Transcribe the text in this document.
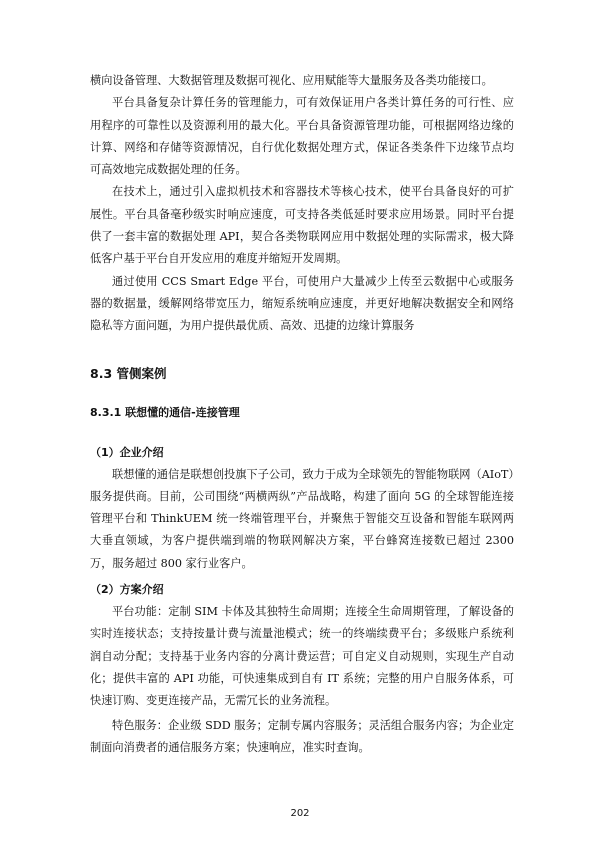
横向设备管理、大数据管理及数据可视化、应用赋能等大量服务及各类功能接口。

平台具备复杂计算任务的管理能力，可有效保证用户各类计算任务的可行性、应用程序的可靠性以及资源利用的最大化。平台具备资源管理功能，可根据网络边缘的计算、网络和存储等资源情况，自行优化数据处理方式，保证各类条件下边缘节点均可高效地完成数据处理的任务。

在技术上，通过引入虚拟机技术和容器技术等核心技术，使平台具备良好的可扩展性。平台具备毫秒级实时响应速度，可支持各类低延时要求应用场景。同时平台提供了一套丰富的数据处理 API，契合各类物联网应用中数据处理的实际需求，极大降低客户基于平台自开发应用的难度并缩短开发周期。

通过使用 CCS Smart Edge 平台，可使用户大量减少上传至云数据中心或服务器的数据量，缓解网络带宽压力，缩短系统响应速度，并更好地解决数据安全和网络隐私等方面问题，为用户提供最优质、高效、迅捷的边缘计算服务

8.3 管侧案例
8.3.1 联想懂的通信-连接管理
（1）企业介绍

联想懂的通信是联想创投旗下子公司，致力于成为全球领先的智能物联网（AIoT）服务提供商。目前，公司围绕“两横两纵”产品战略，构建了面向 5G 的全球智能连接管理平台和 ThinkUEM 统一终端管理平台，并聚焦于智能交互设备和智能车联网两大垂直领域，为客户提供端到端的物联网解决方案，平台蜂窝连接数已超过 2300 万，服务超过 800 家行业客户。

（2）方案介绍

平台功能：定制 SIM 卡体及其独特生命周期；连接全生命周期管理，了解设备的实时连接状态；支持按量计费与流量池模式；统一的终端续费平台；多级账户系统利润自动分配；支持基于业务内容的分离计费运营；可自定义自动规则，实现生产自动化；提供丰富的 API 功能，可快速集成到自有 IT 系统；完整的用户自服务体系，可快速订购、变更连接产品，无需冗长的业务流程。

特色服务：企业级 SDD 服务；定制专属内容服务；灵活组合服务内容；为企业定制面向消费者的通信服务方案；快速响应，准实时查询。

202
